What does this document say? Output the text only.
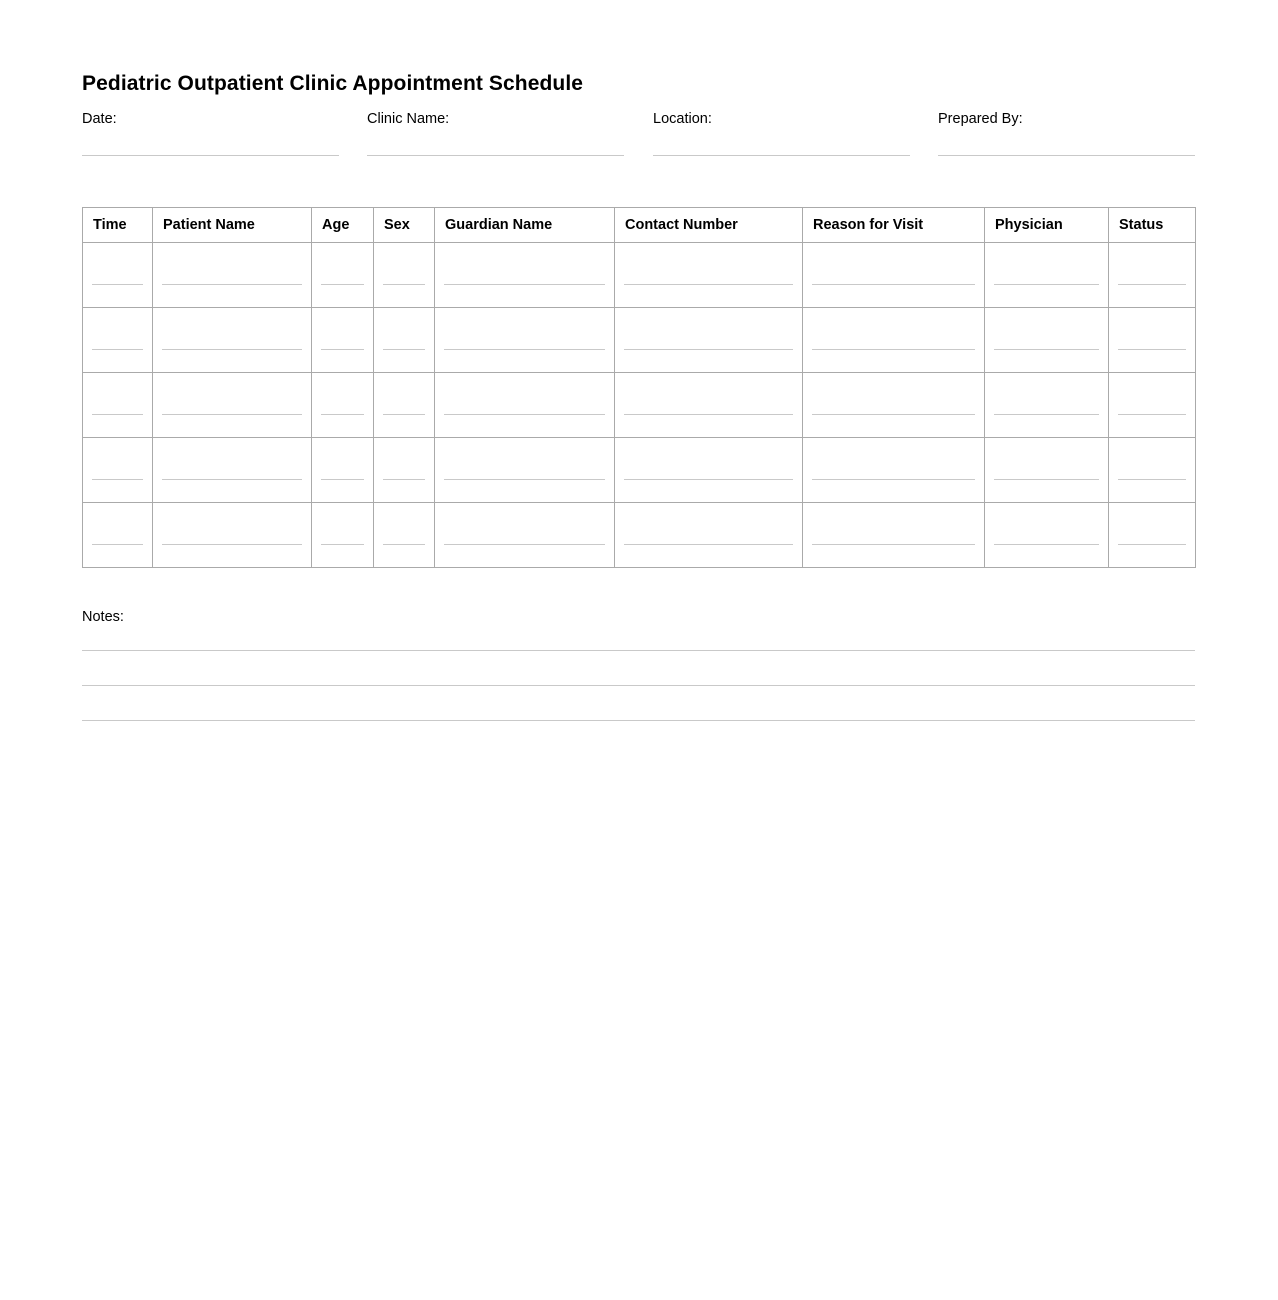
Pediatric Outpatient Clinic Appointment Schedule
Date:	Clinic Name:	Location:	Prepared By:
Time	Patient Name	Age	Sex	Guardian Name	Contact Number	Reason for Visit	Physician	Status

Notes:
